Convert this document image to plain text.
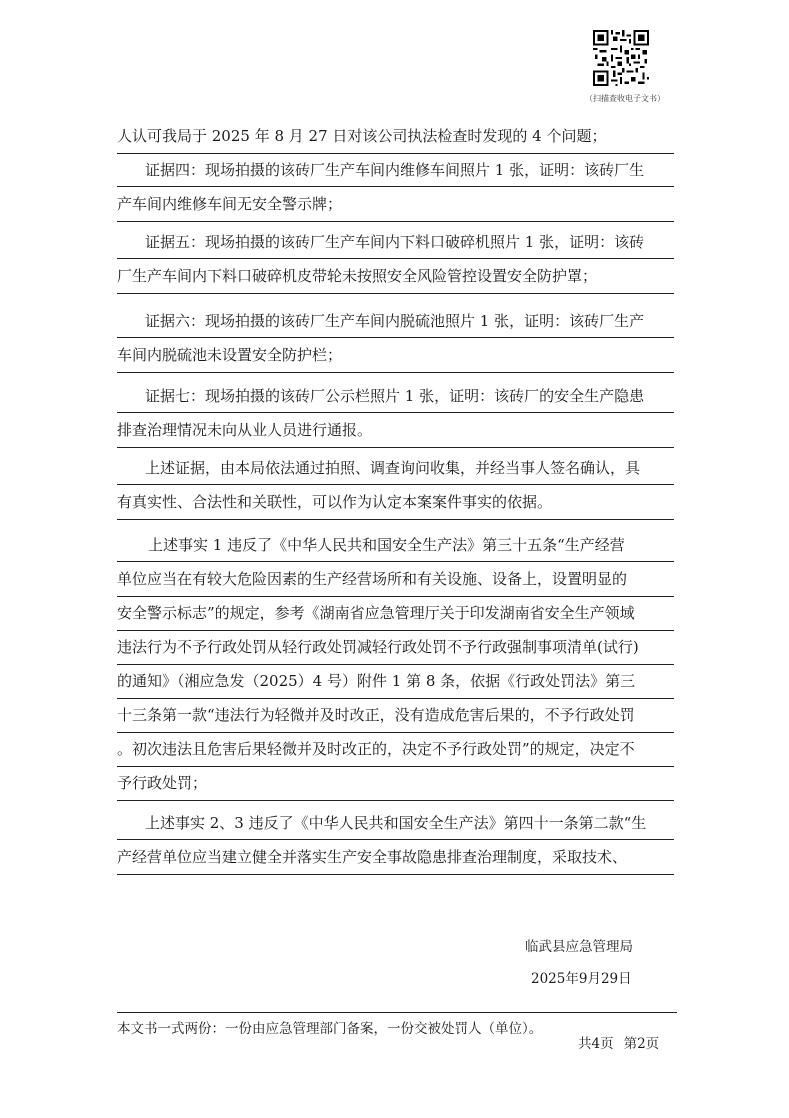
（扫描查收电子文书）
人认可我局于 2025 年 8 月 27 日对该公司执法检查时发现的 4 个问题；
证据四：现场拍摄的该砖厂生产车间内维修车间照片 1 张，证明：该砖厂生
产车间内维修车间无安全警示牌；
证据五：现场拍摄的该砖厂生产车间内下料口破碎机照片 1 张，证明：该砖
厂生产车间内下料口破碎机皮带轮未按照安全风险管控设置安全防护罩；
证据六：现场拍摄的该砖厂生产车间内脱硫池照片 1 张，证明：该砖厂生产
车间内脱硫池未设置安全防护栏；
证据七：现场拍摄的该砖厂公示栏照片 1 张，证明：该砖厂的安全生产隐患
排查治理情况未向从业人员进行通报。
上述证据，由本局依法通过拍照、调查询问收集，并经当事人签名确认，具
有真实性、合法性和关联性，可以作为认定本案案件事实的依据。
上述事实 1 违反了《中华人民共和国安全生产法》第三十五条“生产经营
单位应当在有较大危险因素的生产经营场所和有关设施、设备上，设置明显的
安全警示标志”的规定，参考《湖南省应急管理厅关于印发湖南省安全生产领域
违法行为不予行政处罚从轻行政处罚减轻行政处罚不予行政强制事项清单(试行)
的通知》（湘应急发（2025）4 号）附件 1 第 8 条，依据《行政处罚法》第三
十三条第一款“违法行为轻微并及时改正，没有造成危害后果的，不予行政处罚
。初次违法且危害后果轻微并及时改正的，决定不予行政处罚”的规定，决定不
予行政处罚；
上述事实 2、3 违反了《中华人民共和国安全生产法》第四十一条第二款“生
产经营单位应当建立健全并落实生产安全事故隐患排查治理制度，采取技术、
临武县应急管理局
2025年9月29日
本文书一式两份：一份由应急管理部门备案，一份交被处罚人（单位）。
共4页 第2页
